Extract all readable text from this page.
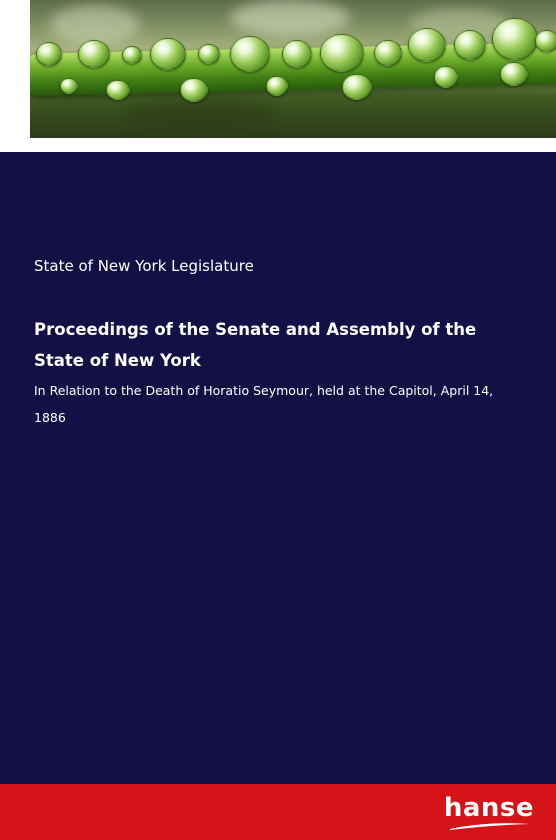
State of New York Legislature
Proceedings of the Senate and Assembly of the State of New York
In Relation to the Death of Horatio Seymour, held at the Capitol, April 14, 1886
hanse
